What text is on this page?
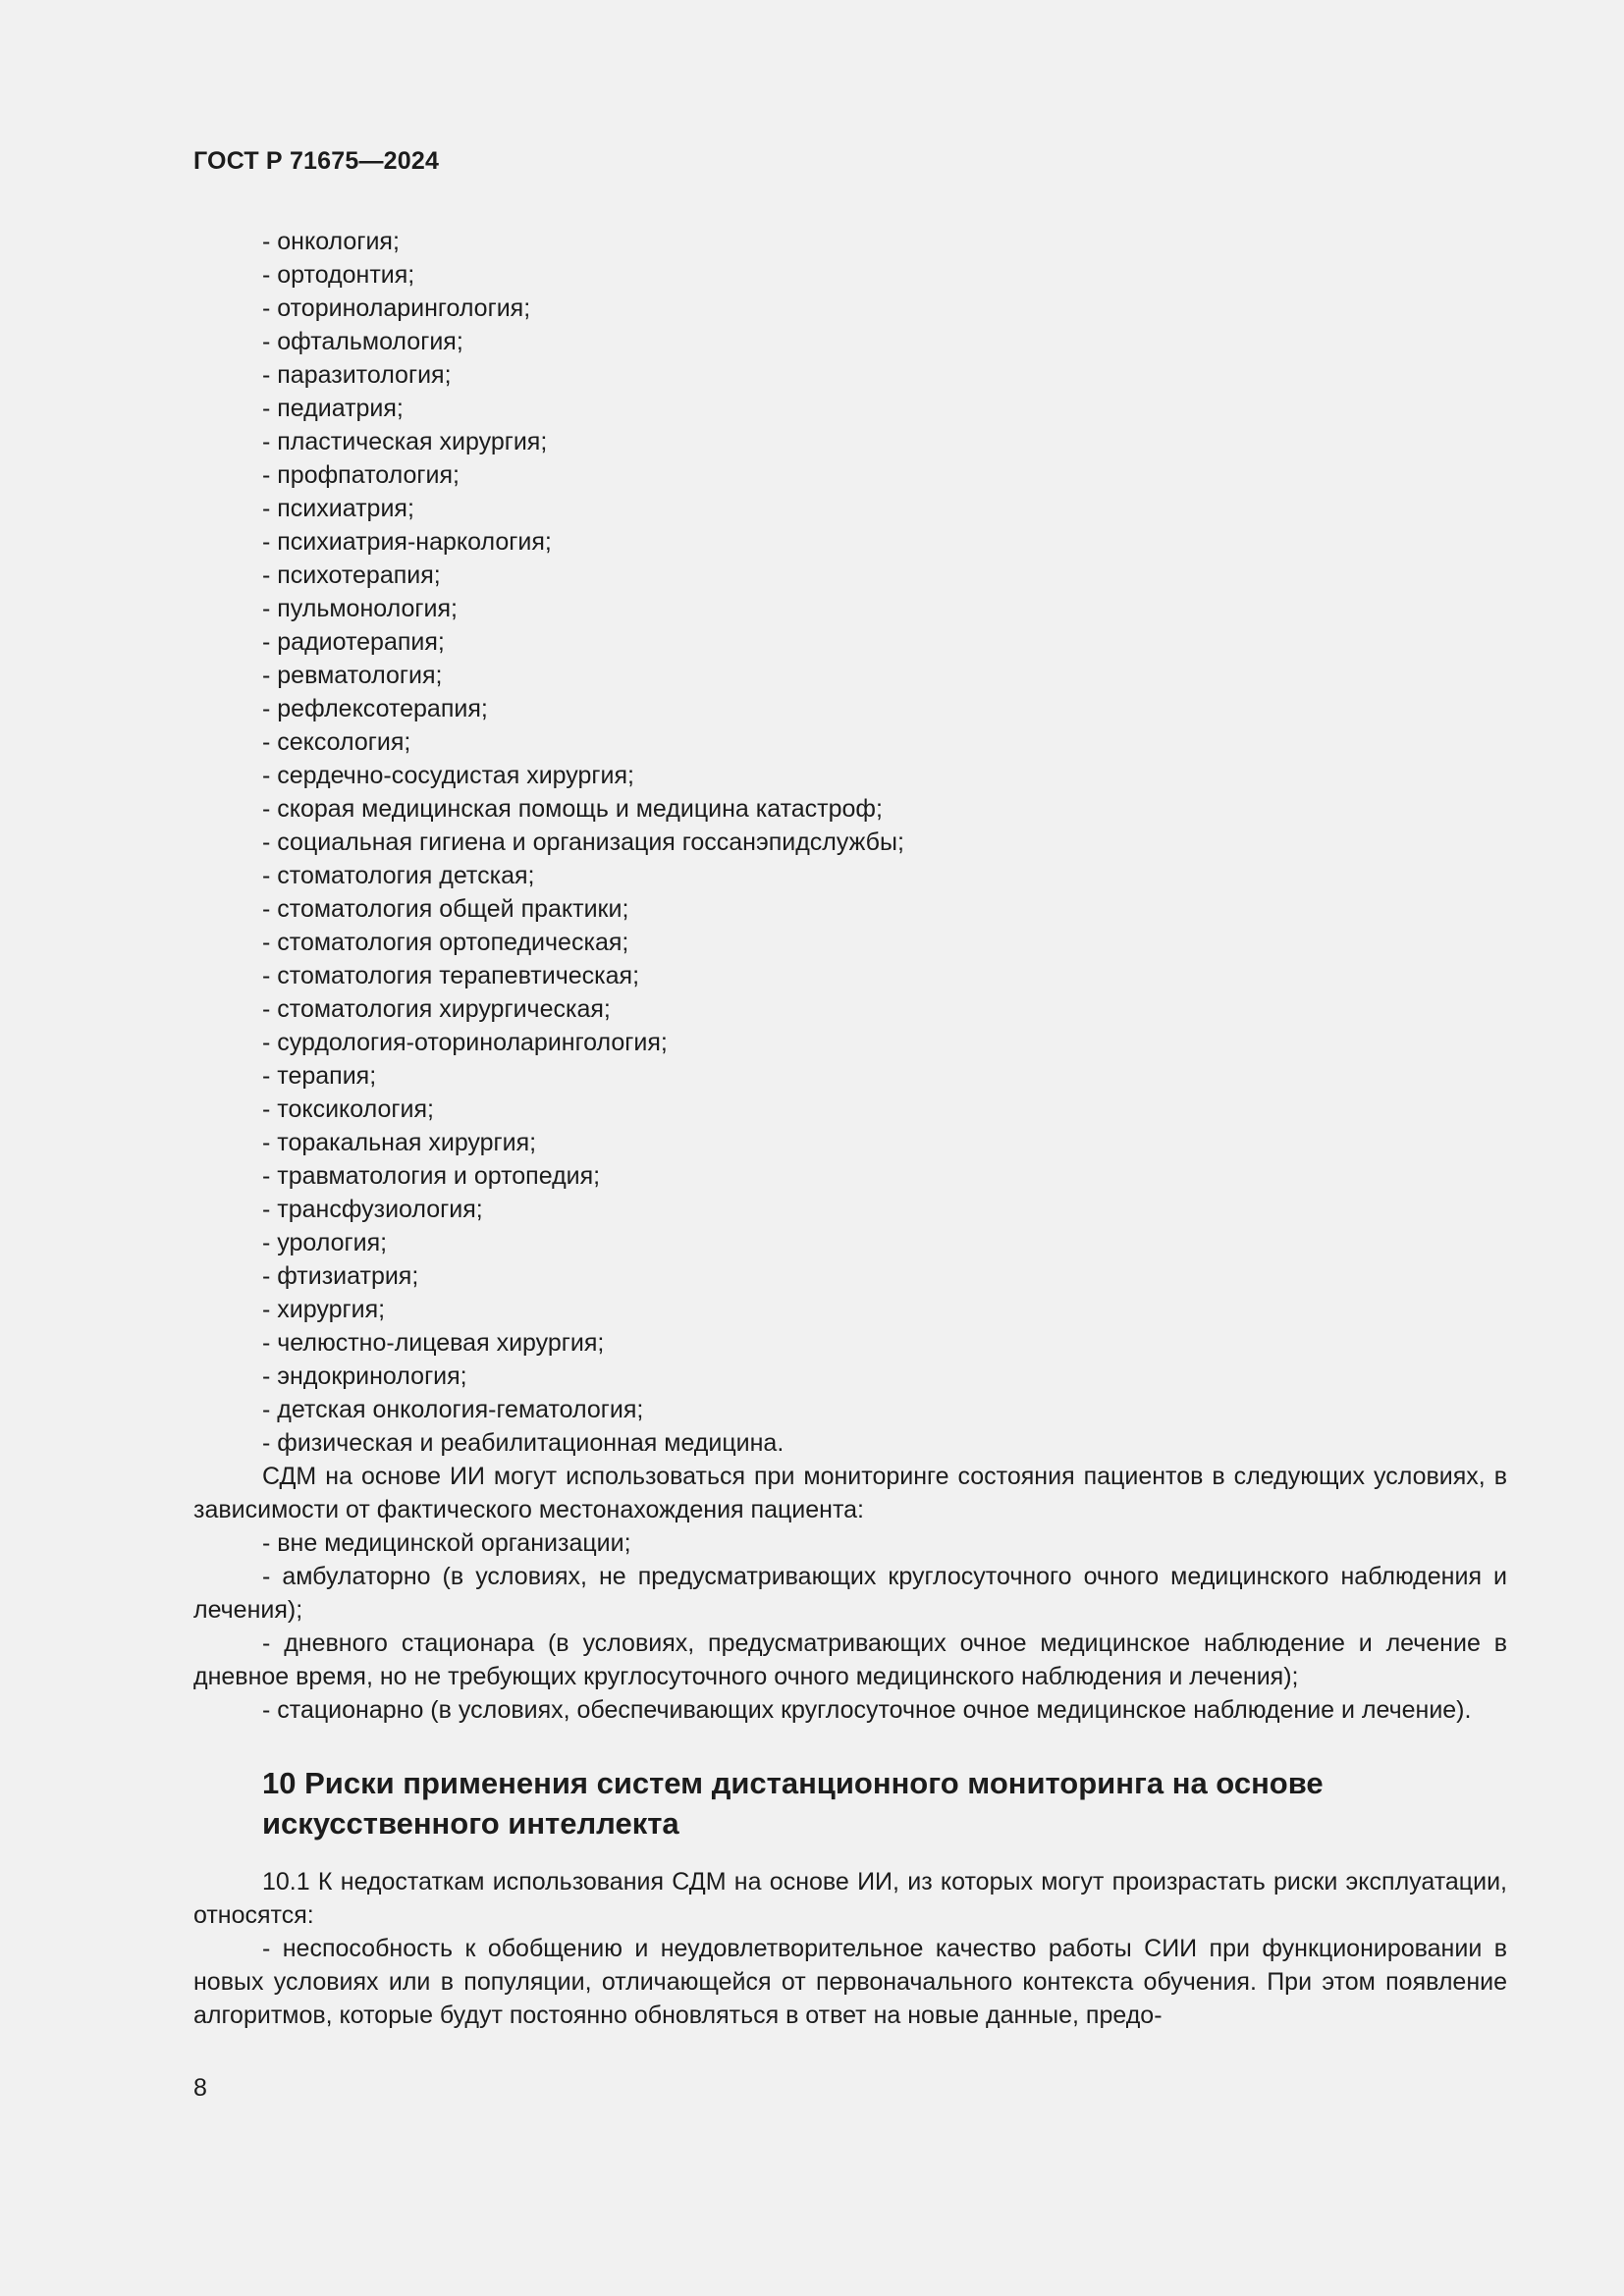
ГОСТ Р 71675—2024
- онкология;
- ортодонтия;
- оториноларингология;
- офтальмология;
- паразитология;
- педиатрия;
- пластическая хирургия;
- профпатология;
- психиатрия;
- психиатрия-наркология;
- психотерапия;
- пульмонология;
- радиотерапия;
- ревматология;
- рефлексотерапия;
- сексология;
- сердечно-сосудистая хирургия;
- скорая медицинская помощь и медицина катастроф;
- социальная гигиена и организация госсанэпидслужбы;
- стоматология детская;
- стоматология общей практики;
- стоматология ортопедическая;
- стоматология терапевтическая;
- стоматология хирургическая;
- сурдология-оториноларингология;
- терапия;
- токсикология;
- торакальная хирургия;
- травматология и ортопедия;
- трансфузиология;
- урология;
- фтизиатрия;
- хирургия;
- челюстно-лицевая хирургия;
- эндокринология;
- детская онкология-гематология;
- физическая и реабилитационная медицина.

СДМ на основе ИИ могут использоваться при мониторинге состояния пациентов в следующих условиях, в зависимости от фактического местонахождения пациента:

- вне медицинской организации;

- амбулаторно (в условиях, не предусматривающих круглосуточного очного медицинского наблюдения и лечения);

- дневного стационара (в условиях, предусматривающих очное медицинское наблюдение и лечение в дневное время, но не требующих круглосуточного очного медицинского наблюдения и лечения);

- стационарно (в условиях, обеспечивающих круглосуточное очное медицинское наблюдение и лечение).

10 Риски применения систем дистанционного мониторинга на основе искусственного интеллекта

10.1 К недостаткам использования СДМ на основе ИИ, из которых могут произрастать риски эксплуатации, относятся:

- неспособность к обобщению и неудовлетворительное качество работы СИИ при функционировании в новых условиях или в популяции, отличающейся от первоначального контекста обучения. При этом появление алгоритмов, которые будут постоянно обновляться в ответ на новые данные, предо-

8
